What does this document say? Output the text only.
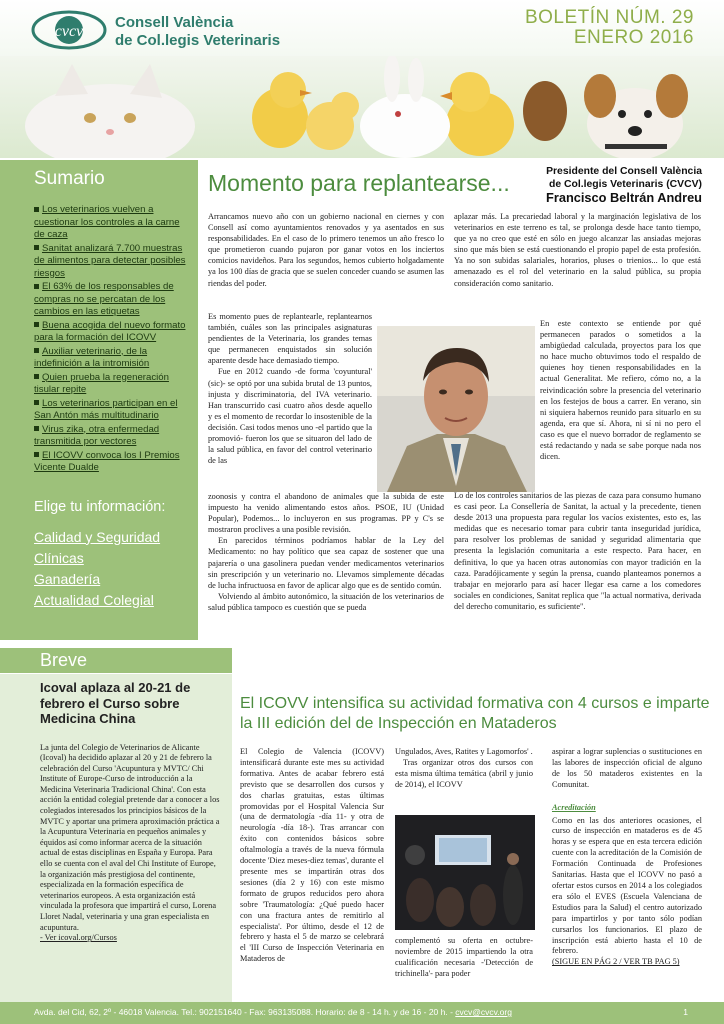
cvcv
Consell València
de Col.legis Veterinaris
BOLETÍN NÚM. 29
ENERO 2016
Sumario
Los veterinarios vuelven a cuestionar los controles a la carne de caza
Sanitat analizará 7.700 muestras de alimentos para detectar posibles riesgos
El 63% de los responsables de compras no se percatan de los cambios en las etiquetas
Buena acogida del nuevo formato para la formación del ICOVV
Auxiliar veterinario, de la indefinición a la intromisión
Quien prueba la regeneración tisular repite
Los veterinarios participan en el San Antón más multitudinario
Virus zika, otra enfermedad transmitida por vectores
El ICOVV convoca los I Premios Vicente Dualde
Elige tu información:
Calidad y Seguridad
Clínicas
Ganadería
Actualidad Colegial
Momento para replantearse...	Presidente del Consell València
de Col.legis Veterinaris (CVCV)
Francisco Beltrán Andreu

Arrancamos nuevo año con un gobierno nacional en ciernes y con Consell así como ayuntamientos renovados y ya asentados en sus responsabilidades. En el caso de lo primero tenemos un año fresco lo que prometieron cuando pujaron por ganar votos en los inciertos comicios navideños. Para los segundos, hemos cubierto holgadamente ya los 100 días de gracia que se suelen conceder cuando se asumen las riendas del poder.

Es momento pues de replantearle, replantearnos también, cuáles son las principales asignaturas pendientes de la Veterinaria, los grandes temas que permanecen enquistados sin solución aparente desde hace demasiado tiempo.

Fue en 2012 cuando -de forma 'coyuntural' (sic)- se optó por una subida brutal de 13 puntos, injusta y discriminatoria, del IVA veterinario. Han transcurrido casi cuatro años desde aquello y es el momento de recordar lo insostenible de la decisión. Casi todos menos uno -el partido que la promovió- fueron los que se situaron del lado de la salud pública, en favor del control veterinario de las

zoonosis y contra el abandono de animales que la subida de este impuesto ha venido alimentando estos años. PSOE, IU (Unidad Popular), Podemos... lo incluyeron en sus programas. PP y C's se mostraron proclives a una posible revisión.

En parecidos términos podríamos hablar de la Ley del Medicamento: no hay político que sea capaz de sostener que una pajarería o una gasolinera puedan vender medicamentos veterinarios sin prescripción y un veterinario no. Llevamos simplemente décadas de lucha infructuosa en favor de aplicar algo que es de sentido común.

Volviendo al ámbito autonómico, la situación de los veterinarios de salud pública tampoco es cuestión que se pueda

aplazar más. La precariedad laboral y la marginación legislativa de los veterinarios en este terreno es tal, se prolonga desde hace tanto tiempo, que ya no creo que esté en sólo en juego alcanzar las ansiadas mejoras sino que más bien se está cuestionando el propio papel de esta profesión. Ya no son subidas salariales, horarios, pluses o trienios... lo que está amenazado es el rol del veterinario en la salud pública, su propia consideración como sanitario.

En este contexto se entiende por qué permanecen parados o sometidos a la ambigüedad calculada, proyectos para los que no hace mucho obtuvimos todo el respaldo de quienes hoy tienen responsabilidades en la actual Generalitat. Me refiero, cómo no, a la reivindicación sobre la presencia del veterinario en los festejos de bous a carrer. En verano, sin ni siquiera habernos reunido para situarlo en su agenda, era que sí. Ahora, ni sí ni no pero el caso es que el nuevo borrador de reglamento se está redactando y nada se sabe porque nada nos dicen.

Lo de los controles sanitarios de las piezas de caza para consumo humano es casi peor. La Consellería de Sanitat, la actual y la precedente, tienen desde 2013 una propuesta para regular los vacíos existentes, esto es, las medidas que es necesario tomar para cubrir tanta inseguridad jurídica, para resolver los problemas de sanidad y seguridad alimentaria que presenta la legislación comunitaria a este respecto. Para hacer, en definitiva, lo que ya hacen otras autonomías con mayor tradición en la caza. Paradójicamente y según la prensa, cuando planteamos ponernos a trabajar en mejorarlo para así hacer llegar esa carne a los comedores sociales en condiciones, Sanitat replica que "la actual normativa, derivada del derecho comunitario, es suficiente".

Breve
Icoval aplaza al 20-21 de febrero el Curso sobre Medicina China
La junta del Colegio de Veterinarios de Alicante (Icoval) ha decidido aplazar al 20 y 21 de febrero la celebración del Curso 'Acupuntura y MVTC/ Chi Institute of Europe-Curso de introducción a la Medicina Veterinaria Tradicional China'. Con esta acción la entidad colegial pretende dar a conocer a los colegiados interesados los principios básicos de la MVTC y aportar una primera aproximación práctica a la Acupuntura Veterinaria en pequeños animales y équidos así como informar acerca de la situación actual de estas disciplinas en España y Europa. Para ello se cuenta con el aval del Chi Institute of Europe, la organización más prestigiosa del continente, especializada en la formación específica de veterinarios europeos. A esta organización está vinculada la profesora que impartirá el curso, Lorena Lloret Nadal, veterinaria y una gran especialista en acupuntura.
- Ver icoval.org/Cursos
El ICOVV intensifica su actividad formativa con 4 cursos e imparte la III edición del de Inspección en Mataderos

El Colegio de Valencia (ICOVV) intensificará durante este mes su actividad formativa. Antes de acabar febrero está previsto que se desarrollen dos cursos y dos charlas gratuitas, estas últimas promovidas por el Hospital Valencia Sur (una de dermatología -día 11- y otra de neurología -día 18-). Tras arrancar con éxito con contenidos básicos sobre oftalmología a través de la nueva fórmula docente 'Diez meses-diez temas', durante el presente mes se impartirán otras dos sesiones (día 2 y 16) con este mismo formato de grupos reducidos pero ahora sobre 'Traumatología: ¿Qué puedo hacer con una fractura antes de remitirlo al especialista'. Por último, desde el 12 de febrero y hasta el 5 de marzo se celebrará el 'III Curso de Inspección Veterinaria en Mataderos de

Ungulados, Aves, Ratites y Lagomorfos' .

Tras organizar otros dos cursos con esta misma última temática (abril y junio de 2014), el ICOVV

complementó su oferta en octubre-noviembre de 2015 impartiendo la otra cualificación necesaria -'Detección de trichinella'- para poder

aspirar a lograr suplencias o sustituciones en las labores de inspección oficial de alguno de los 50 mataderos existentes en la Comunitat.

Acreditación

Como en las dos anteriores ocasiones, el curso de inspección en mataderos es de 45 horas y se espera que en esta tercera edición cuente con la acreditación de la Comisión de Formación Continuada de Profesiones Sanitarias. Hasta que el ICOVV no pasó a ofertar estos cursos en 2014 a los colegiados era sólo el EVES (Escuela Valenciana de Estudios para la Salud) el centro autorizado para impartirlos y por tanto sólo podían cursarlos los funcionarios. El plazo de inscripción está abierto hasta el 10 de febrero.

(SIGUE EN PÁG 2 / VER TB PAG 5)
Avda. del Cid, 62, 2º - 46018 Valencia. Tel.: 902151640 - Fax: 963135088. Horario: de 8 - 14 h. y de 16 - 20 h. - cvcv@cvcv.org	1
